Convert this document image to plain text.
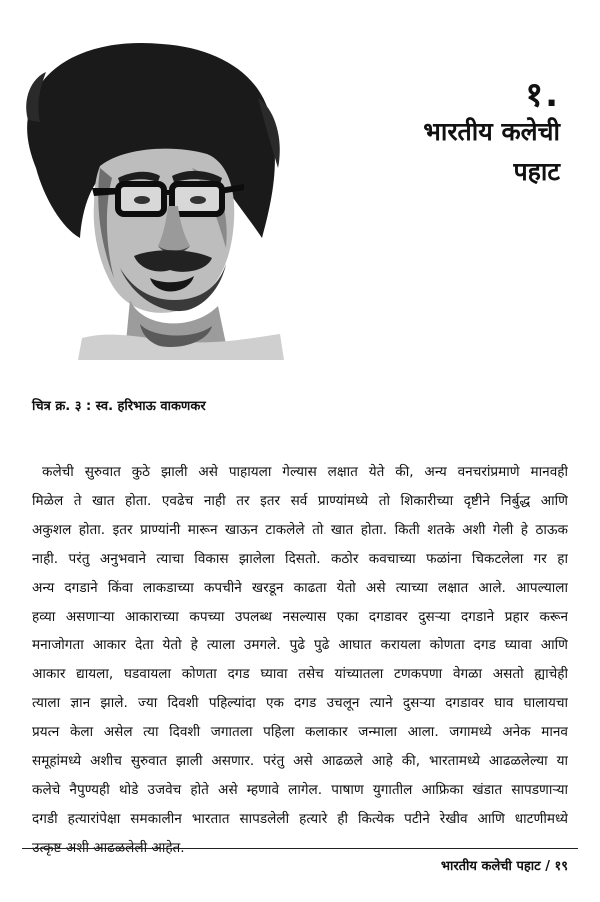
१.
भारतीय कलेची
पहाट
चित्र क्र. ३ : स्व. हरिभाऊ वाकणकर
कलेची सुरुवात कुठे झाली असे पाहायला गेल्यास लक्षात येते की, अन्य वनचरांप्रमाणे मानवही
मिळेल ते खात होता. एवढेच नाही तर इतर सर्व प्राण्यांमध्ये तो शिकारीच्या दृष्टीने निर्बुद्ध आणि
अकुशल होता. इतर प्राण्यांनी मारून खाऊन टाकलेले तो खात होता. किती शतके अशी गेली हे ठाऊक
नाही. परंतु अनुभवाने त्याचा विकास झालेला दिसतो. कठोर कवचाच्या फळांना चिकटलेला गर हा
अन्य दगडाने किंवा लाकडाच्या कपचीने खरडून काढता येतो असे त्याच्या लक्षात आले. आपल्याला
हव्या असणाऱ्या आकाराच्या कपच्या उपलब्ध नसल्यास एका दगडावर दुसऱ्या दगडाने प्रहार करून
मनाजोगता आकार देता येतो हे त्याला उमगले. पुढे पुढे आघात करायला कोणता दगड घ्यावा आणि
आकार द्यायला, घडवायला कोणता दगड घ्यावा तसेच यांच्यातला टणकपणा वेगळा असतो ह्याचेही
त्याला ज्ञान झाले. ज्या दिवशी पहिल्यांदा एक दगड उचलून त्याने दुसऱ्या दगडावर घाव घालायचा
प्रयत्न केला असेल त्या दिवशी जगातला पहिला कलाकार जन्माला आला. जगामध्ये अनेक मानव
समूहांमध्ये अशीच सुरुवात झाली असणार. परंतु असे आढळले आहे की, भारतामध्ये आढळलेल्या या
कलेचे नैपुण्यही थोडे उजवेच होते असे म्हणावे लागेल. पाषाण युगातील आफ्रिका खंडात सापडणाऱ्या
दगडी हत्यारांपेक्षा समकालीन भारतात सापडलेली हत्यारे ही कित्येक पटीने रेखीव आणि धाटणीमध्ये
उत्कृष्ट अशी आढळलेली आहेत.
भारतीय कलेची पहाट / १९
